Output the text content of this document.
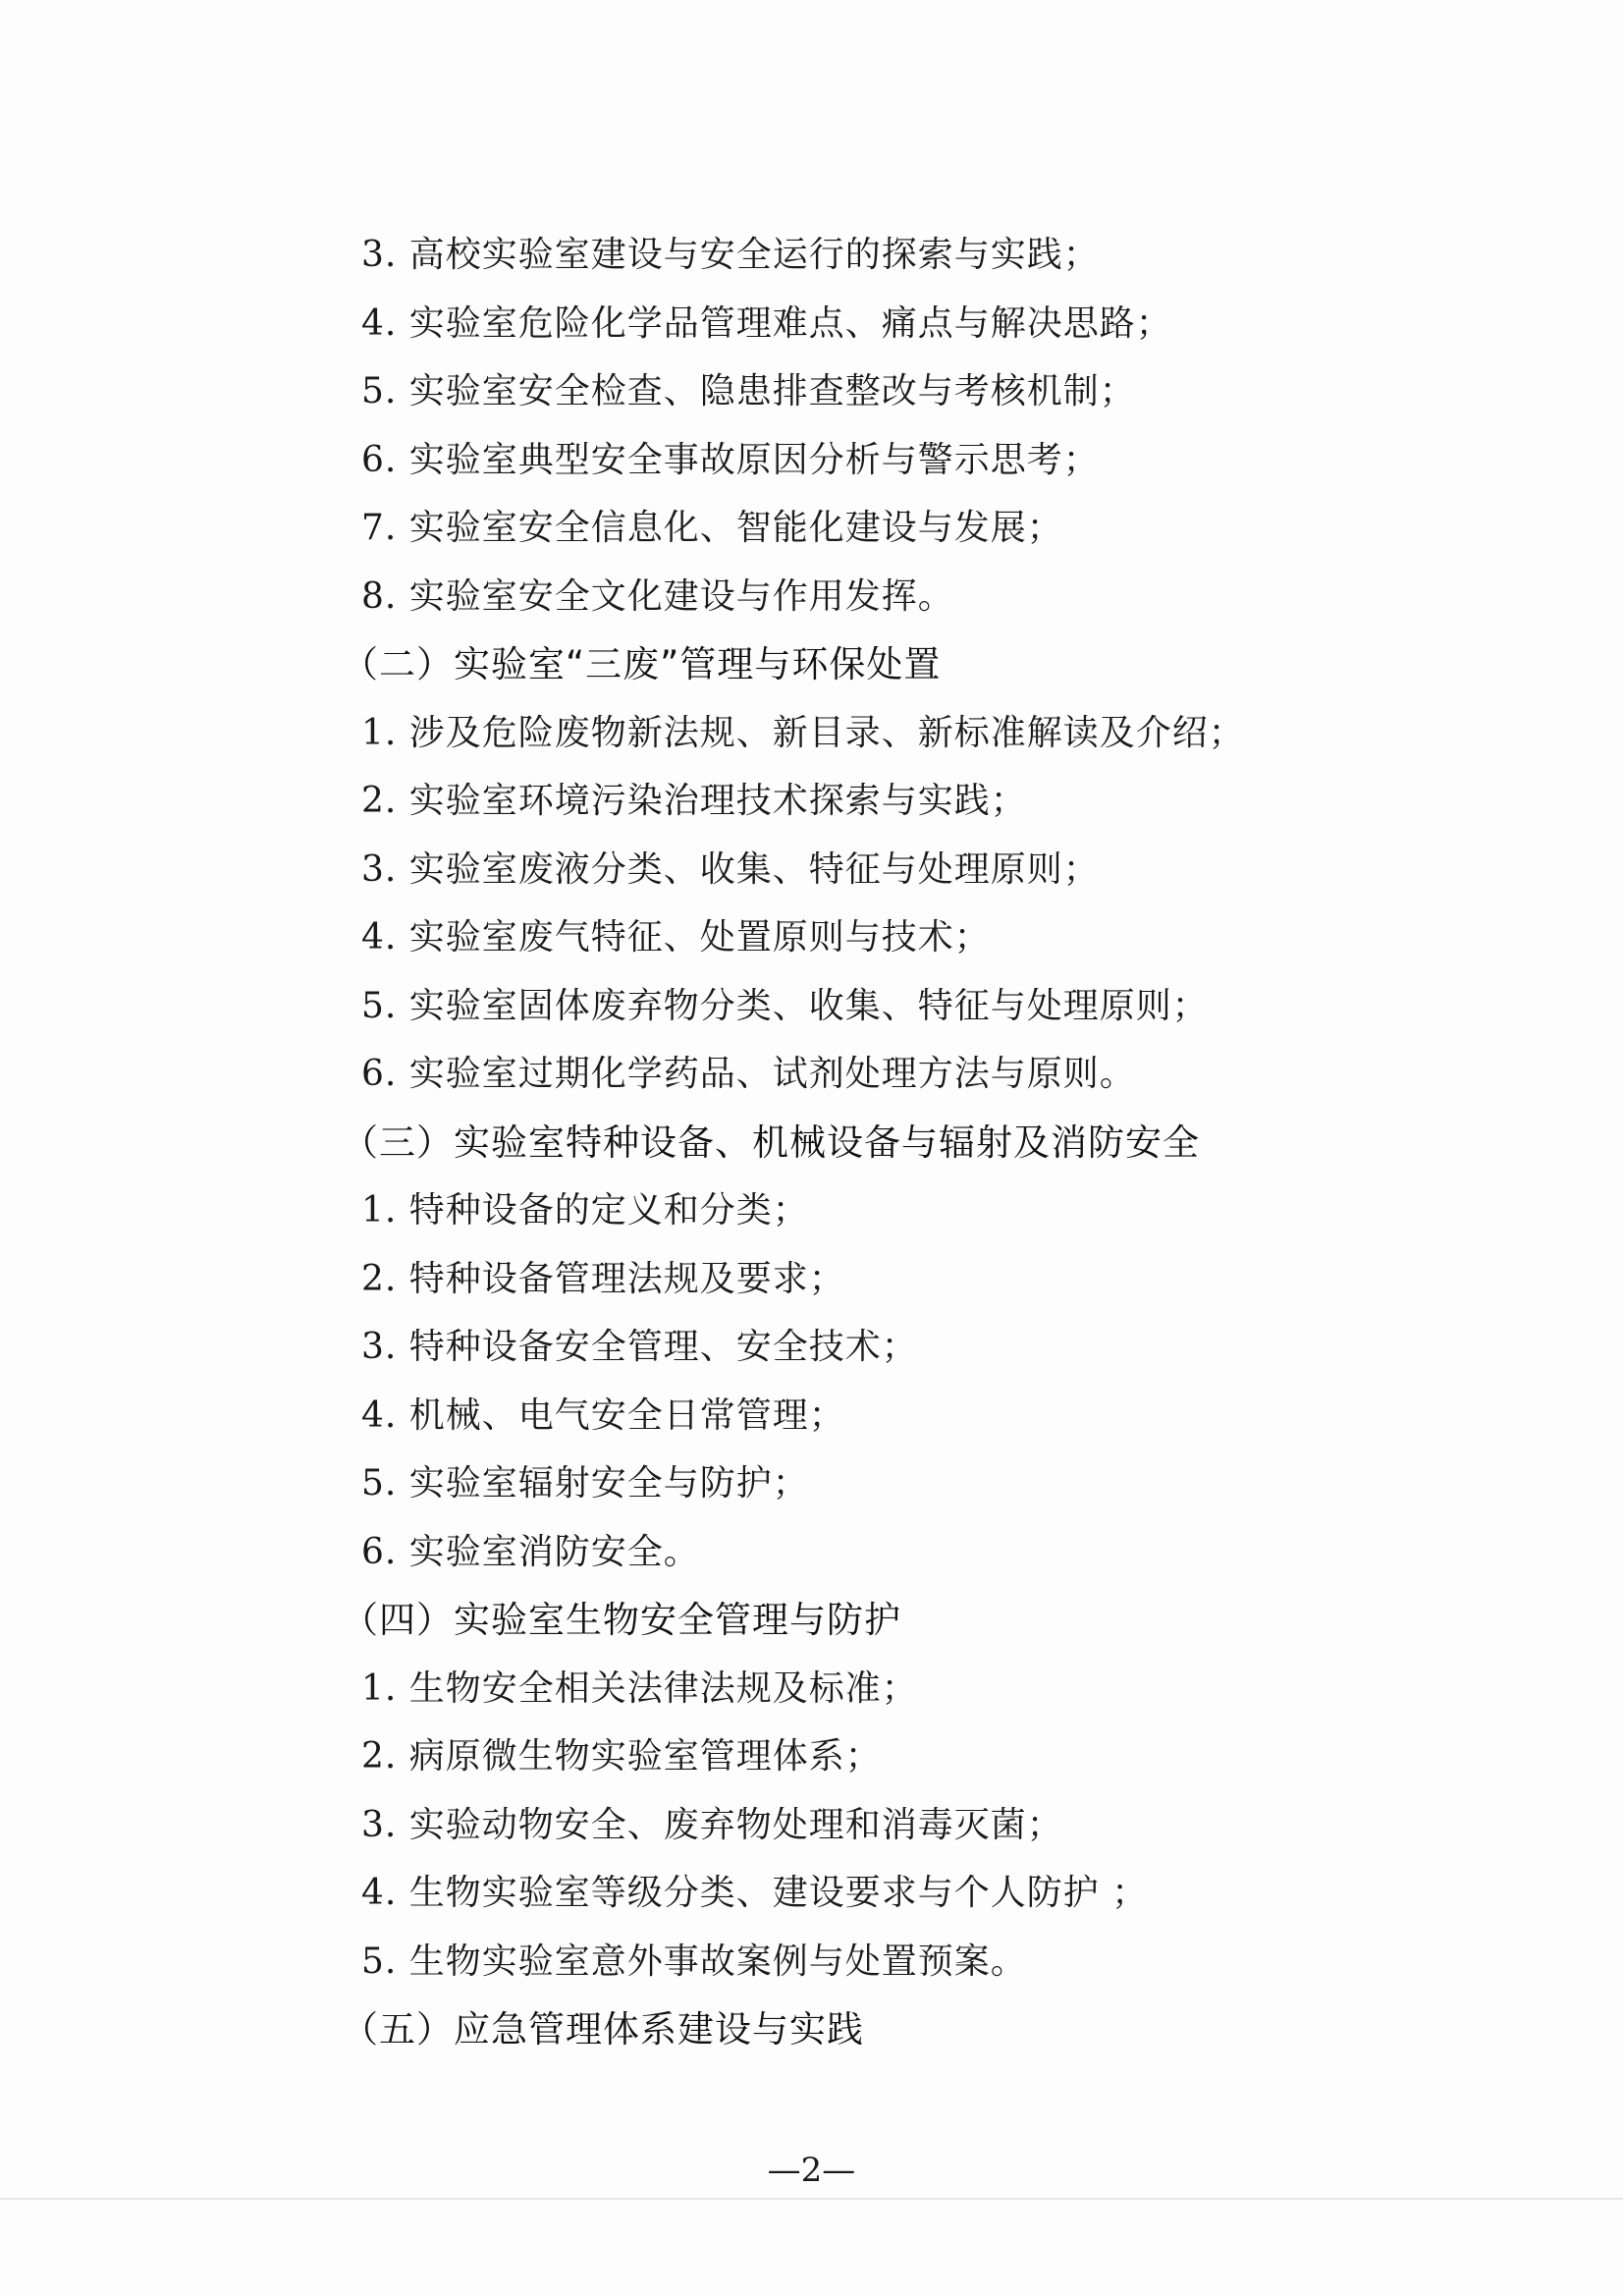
3. 高校实验室建设与安全运行的探索与实践；
4. 实验室危险化学品管理难点、痛点与解决思路；
5. 实验室安全检查、隐患排查整改与考核机制；
6. 实验室典型安全事故原因分析与警示思考；
7. 实验室安全信息化、智能化建设与发展；
8. 实验室安全文化建设与作用发挥。
（二）实验室“三废”管理与环保处置
1. 涉及危险废物新法规、新目录、新标准解读及介绍；
2. 实验室环境污染治理技术探索与实践；
3. 实验室废液分类、收集、特征与处理原则；
4. 实验室废气特征、处置原则与技术；
5. 实验室固体废弃物分类、收集、特征与处理原则；
6. 实验室过期化学药品、试剂处理方法与原则。
（三）实验室特种设备、机械设备与辐射及消防安全
1. 特种设备的定义和分类；
2. 特种设备管理法规及要求；
3. 特种设备安全管理、安全技术；
4. 机械、电气安全日常管理；
5. 实验室辐射安全与防护；
6. 实验室消防安全。
（四）实验室生物安全管理与防护
1. 生物安全相关法律法规及标准；
2. 病原微生物实验室管理体系；
3. 实验动物安全、废弃物处理和消毒灭菌；
4. 生物实验室等级分类、建设要求与个人防护 ；
5. 生物实验室意外事故案例与处置预案。
（五）应急管理体系建设与实践
—2—
